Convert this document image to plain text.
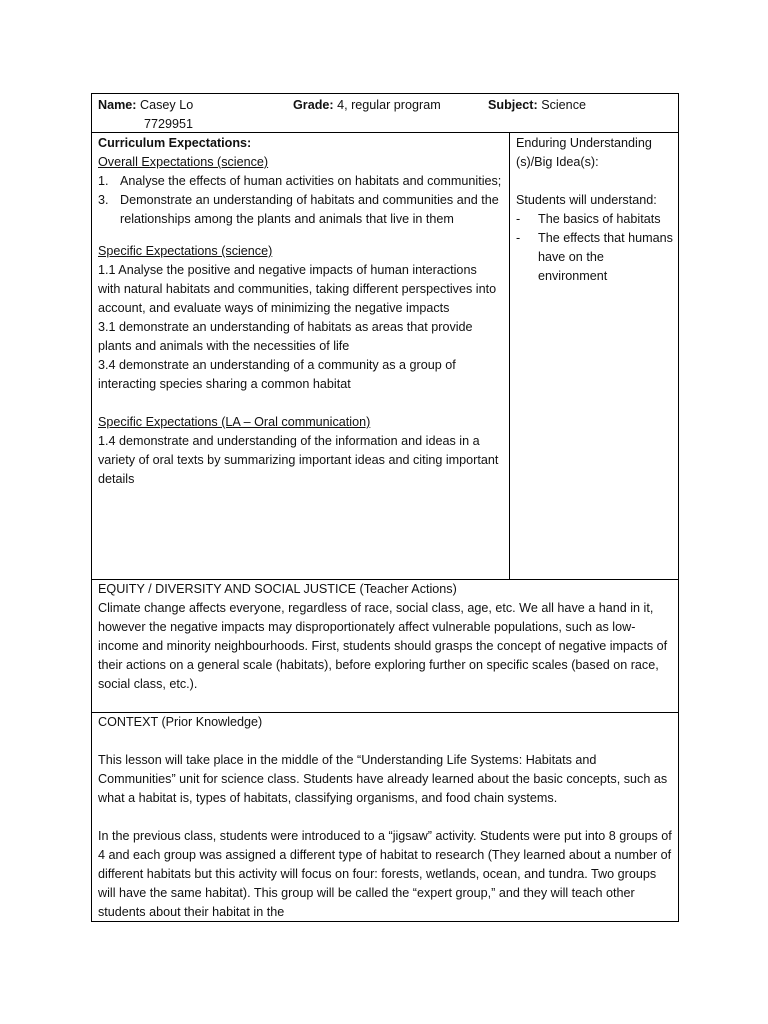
Name: Casey Lo
7729951
Grade: 4, regular program	Subject: Science

Curriculum Expectations:

Overall Expectations (science)

1. Analyse the effects of human activities on habitats and communities;
3. Demonstrate an understanding of habitats and communities and the relationships among the plants and animals that live in them

Specific Expectations (science)

1.1 Analyse the positive and negative impacts of human interactions with natural habitats and communities, taking different perspectives into account, and evaluate ways of minimizing the negative impacts

3.1 demonstrate an understanding of habitats as areas that provide plants and animals with the necessities of life

3.4 demonstrate an understanding of a community as a group of interacting species sharing a common habitat

Specific Expectations (LA – Oral communication)

1.4 demonstrate and understanding of the information and ideas in a variety of oral texts by summarizing important ideas and citing important details

Enduring Understanding (s)/Big Idea(s):

Students will understand:

- The basics of habitats
- The effects that humans have on the environment

EQUITY / DIVERSITY AND SOCIAL JUSTICE (Teacher Actions)

Climate change affects everyone, regardless of race, social class, age, etc. We all have a hand in it, however the negative impacts may disproportionately affect vulnerable populations, such as low-income and minority neighbourhoods. First, students should grasps the concept of negative impacts of their actions on a general scale (habitats), before exploring further on specific scales (based on race, social class, etc.).

CONTEXT (Prior Knowledge)

This lesson will take place in the middle of the “Understanding Life Systems: Habitats and Communities” unit for science class. Students have already learned about the basic concepts, such as what a habitat is, types of habitats, classifying organisms, and food chain systems.

In the previous class, students were introduced to a “jigsaw” activity. Students were put into 8 groups of 4 and each group was assigned a different type of habitat to research (They learned about a number of different habitats but this activity will focus on four: forests, wetlands, ocean, and tundra. Two groups will have the same habitat). This group will be called the “expert group,” and they will teach other students about their habitat in the
